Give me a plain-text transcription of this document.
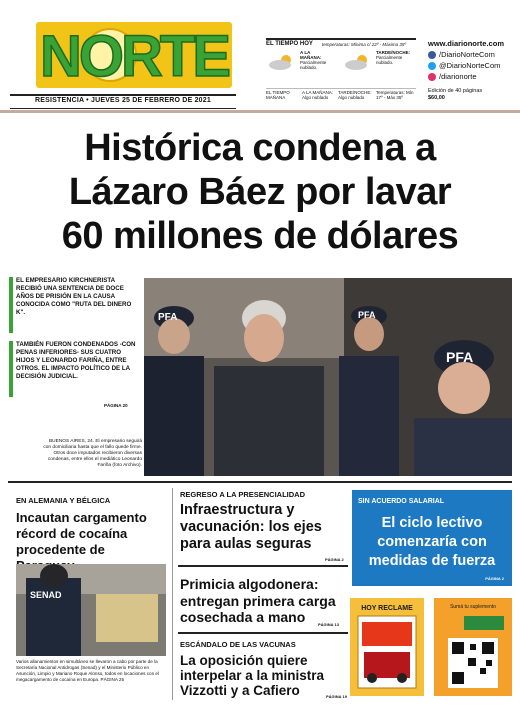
NORTE
RESISTENCIA • JUEVES 25 DE FEBRERO DE 2021
EL TIEMPO HOY temperaturas: Mínima c/ 22º - Máxima 35º
A LA MAÑANA:
Parcialmente nublado.
TARDE/NOCHE:
Parcialmente nublado.
EL TIEMPO MAÑANA
A LA MAÑANA: Algo nublado
TARDE/NOCHE: Algo nublado
Temperaturas: Mín 17º - Máx 35º
www.diarionorte.com
/DiarioNorteCom
@DiarioNorteCom
/diarionorte
Edición de 40 páginas
$60,00
Histórica condena a
Lázaro Báez por lavar
60 millones de dólares
EL EMPRESARIO KIRCHNERISTA RECIBIÓ UNA SENTENCIA DE DOCE AÑOS DE PRISIÓN EN LA CAUSA CONOCIDA COMO "RUTA DEL DINERO K".
TAMBIÉN FUERON CONDENADOS -CON PENAS INFERIORES- SUS CUATRO HIJOS Y LEONARDO FARIÑA, ENTRE OTROS. EL IMPACTO POLÍTICO DE LA DECISIÓN JUDICIAL.
PÁGINA 20
BUENOS AIRES, 24. El empresario seguirá con domiciliaria hasta que el fallo quede firme. Otros doce imputados recibieron diversas condenas, entre ellos el mediático Leonardo Fariña (foto Archivo).
PFA	PFA
PFA
EN ALEMANIA Y BÉLGICA
Incautan cargamento récord de cocaína procedente de
SENAD
Varios allanamientos en simultáneo se llevaron a cabo por parte de la Secretaría Nacional Antidrogas (Senad) y el Ministerio Público en Asunción, Limpio y Mariano Roque Alonso, todos en locaciones con el megacargamento de cocaína en Europa. PÁGINA 25
REGRESO A LA PRESENCIALIDAD
Infraestructura y vacunación: los ejes para aulas seguras
PÁGINA 2
Primicia algodonera: entregan primera carga cosechada a mano	PÁGINA 13
ESCÁNDALO DE LAS VACUNAS
La oposición quiere interpelar a la ministra Vizzotti y a Cafiero	PÁGINA 19
SIN ACUERDO SALARIAL
El ciclo lectivo comenzaría con medidas de fuerza
PÁGINA 2
HOY RECLAME	Sumá tu suplemento
